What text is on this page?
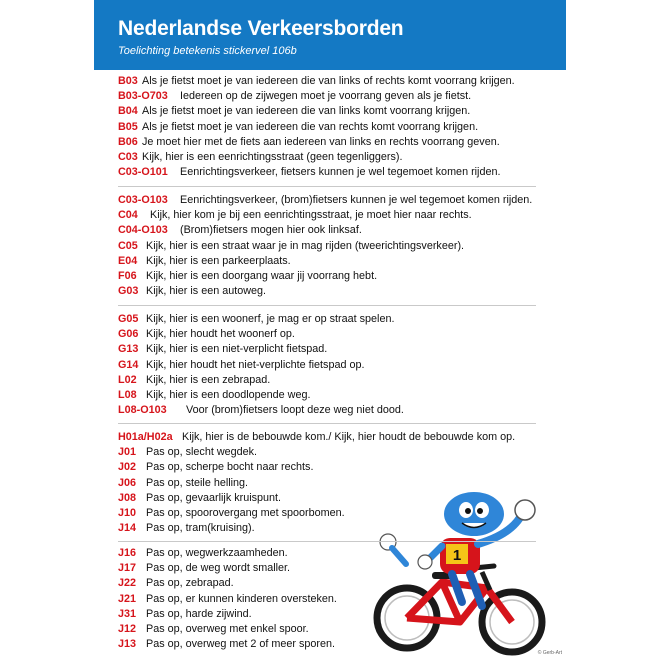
Nederlandse Verkeersborden
Toelichting betekenis stickervel 106b
B03 Als je fietst moet je van iedereen die van links of rechts komt voorrang krijgen.
B03-O703 Iedereen op de zijwegen moet je voorrang geven als je fietst.
B04 Als je fietst moet je van iedereen die van links komt voorrang krijgen.
B05 Als je fietst moet je van iedereen die van rechts komt voorrang krijgen.
B06 Je moet hier met de fiets aan iedereen van links en rechts voorrang geven.
C03 Kijk, hier is een eenrichtingsstraat (geen tegenliggers).
C03-O101 Eenrichtingsverkeer, fietsers kunnen je wel tegemoet komen rijden.
C03-O103 Eenrichtingsverkeer, (brom)fietsers kunnen je wel tegemoet komen rijden.
C04 Kijk, hier kom je bij een eenrichtingsstraat, je moet hier naar rechts.
C04-O103 (Brom)fietsers mogen hier ook linksaf.
C05 Kijk, hier is een straat waar je in mag rijden (tweerichtingsverkeer).
E04 Kijk, hier is een parkeerplaats.
F06 Kijk, hier is een doorgang waar jij voorrang hebt.
G03 Kijk, hier is een autoweg.
G05 Kijk, hier is een woonerf, je mag er op straat spelen.
G06 Kijk, hier houdt het woonerf op.
G13 Kijk, hier is een niet-verplicht fietspad.
G14 Kijk, hier houdt het niet-verplichte fietspad op.
L02 Kijk, hier is een zebrapad.
L08 Kijk, hier is een doodlopende weg.
L08-O103 Voor (brom)fietsers loopt deze weg niet dood.
H01a/H02a Kijk, hier is de bebouwde kom./ Kijk, hier houdt de bebouwde kom op.
J01 Pas op, slecht wegdek.
J02 Pas op, scherpe bocht naar rechts.
J06 Pas op, steile helling.
J08 Pas op, gevaarlijk kruispunt.
J10 Pas op, spoorovergang met spoorbomen.
J14 Pas op, tram(kruising).
J16 Pas op, wegwerkzaamheden.
J17 Pas op, de weg wordt smaller.
J22 Pas op, zebrapad.
J21 Pas op, er kunnen kinderen oversteken.
J31 Pas op, harde zijwind.
J12 Pas op, overweg met enkel spoor.
J13 Pas op, overweg met 2 of meer sporen.
1
© Gerb-Art
